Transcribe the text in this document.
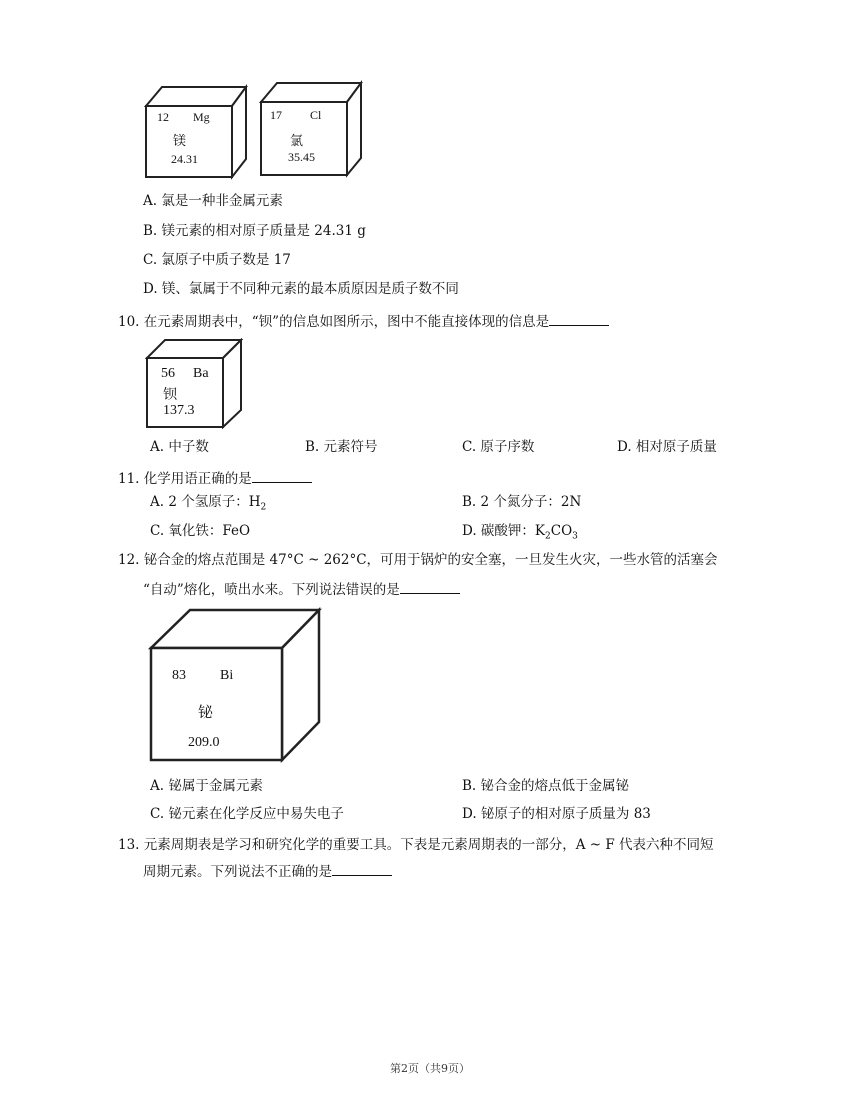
12 Mg
镁
24.31
17 Cl
氯
35.45
A. 氯是一种非金属元素
B. 镁元素的相对原子质量是 24.31 g
C. 氯原子中质子数是 17
D. 镁、氯属于不同种元素的最本质原因是质子数不同
10. 在元素周期表中，“钡”的信息如图所示，图中不能直接体现的信息是
56 Ba
钡
137.3
A. 中子数	B. 元素符号	C. 原子序数	D. 相对原子质量
11. 化学用语正确的是
A. 2 个氢原子：$H_2$	B. 2 个氮分子：2N
C. 氧化铁：FeO	D. 碳酸钾：$K_2CO_3$
12. 铋合金的熔点范围是 47°C ~ 262°C，可用于锅炉的安全塞，一旦发生火灾，一些水管的活塞会
“自动”熔化，喷出水来。下列说法错误的是
83 Bi
铋
209.0
A. 铋属于金属元素	B. 铋合金的熔点低于金属铋
C. 铋元素在化学反应中易失电子	D. 铋原子的相对原子质量为 83
13. 元素周期表是学习和研究化学的重要工具。下表是元素周期表的一部分，A ~ F 代表六种不同短
周期元素。下列说法不正确的是
第2页（共9页）
